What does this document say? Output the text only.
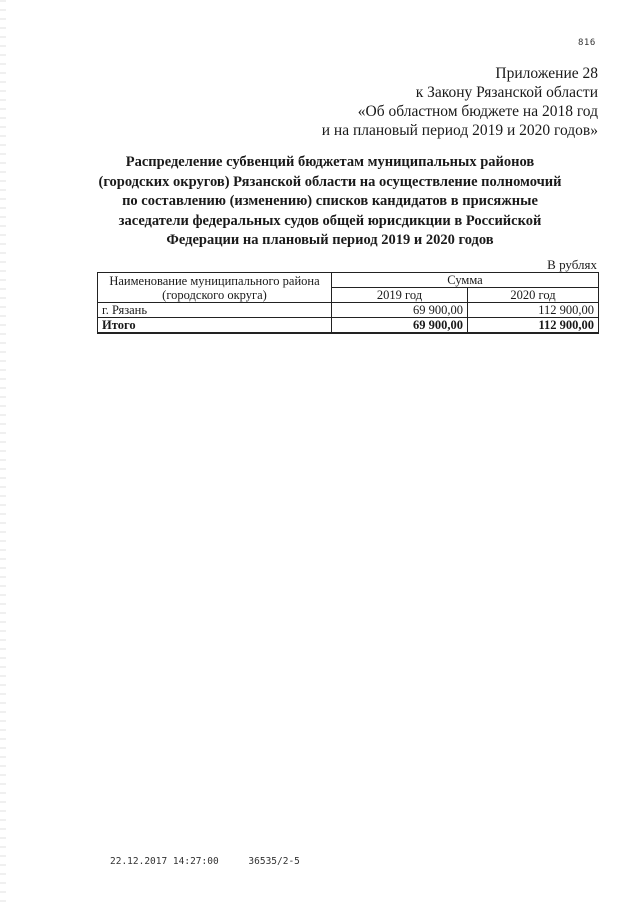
816
Приложение 28
к Закону Рязанской области
«Об областном бюджете на 2018 год
и на плановый период 2019 и 2020 годов»
Распределение субвенций бюджетам муниципальных районов
(городских округов) Рязанской области на осуществление полномочий
по составлению (изменению) списков кандидатов в присяжные
заседатели федеральных судов общей юрисдикции в Российской
Федерации на плановый период 2019 и 2020 годов
В рублях
Наименование муниципального района
(городского округа)	Сумма	
	2019 год	2020 год
г. Рязань	69 900,00	112 900,00
Итого	69 900,00	112 900,00
22.12.2017 14:27:00	36535/2-5
